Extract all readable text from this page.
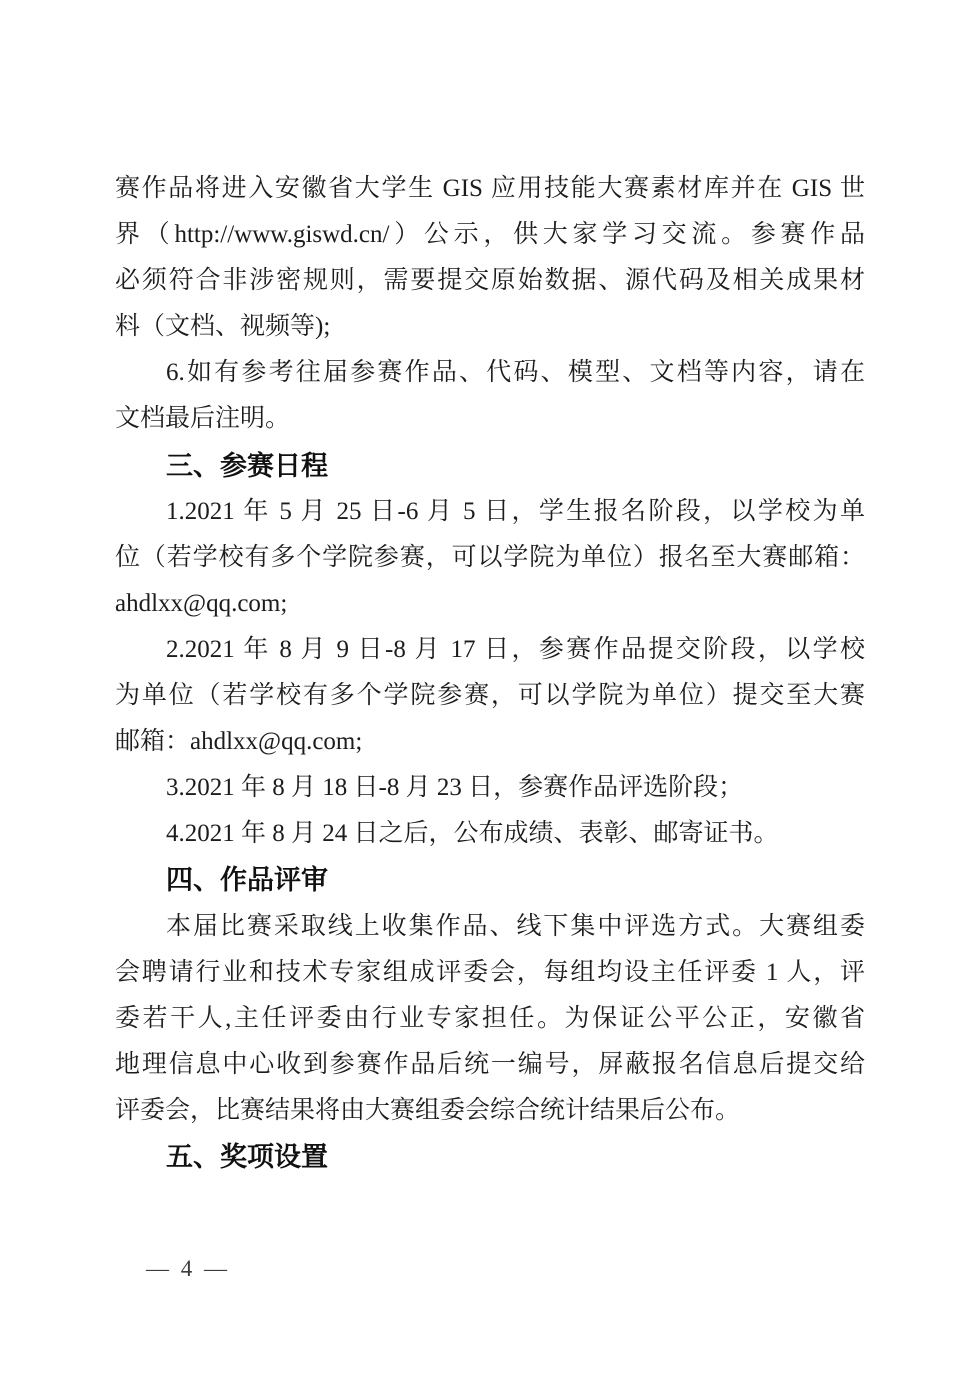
赛作品将进入安徽省大学生 GIS 应用技能大赛素材库并在 GIS 世
界（http://www.giswd.cn/）公示，供大家学习交流。参赛作品
必须符合非涉密规则，需要提交原始数据、源代码及相关成果材
料（文档、视频等);
6.如有参考往届参赛作品、代码、模型、文档等内容，请在
文档最后注明。
三、参赛日程
1.2021 年 5 月 25 日-6 月 5 日，学生报名阶段，以学校为单
位（若学校有多个学院参赛，可以学院为单位）报名至大赛邮箱：
ahdlxx@qq.com;
2.2021 年 8 月 9 日-8 月 17 日，参赛作品提交阶段，以学校
为单位（若学校有多个学院参赛，可以学院为单位）提交至大赛
邮箱：ahdlxx@qq.com;
3.2021 年 8 月 18 日-8 月 23 日，参赛作品评选阶段；
4.2021 年 8 月 24 日之后，公布成绩、表彰、邮寄证书。
四、作品评审
本届比赛采取线上收集作品、线下集中评选方式。大赛组委
会聘请行业和技术专家组成评委会，每组均设主任评委 1 人，评
委若干人,主任评委由行业专家担任。为保证公平公正，安徽省
地理信息中心收到参赛作品后统一编号，屏蔽报名信息后提交给
评委会，比赛结果将由大赛组委会综合统计结果后公布。
五、奖项设置
— 4 —
